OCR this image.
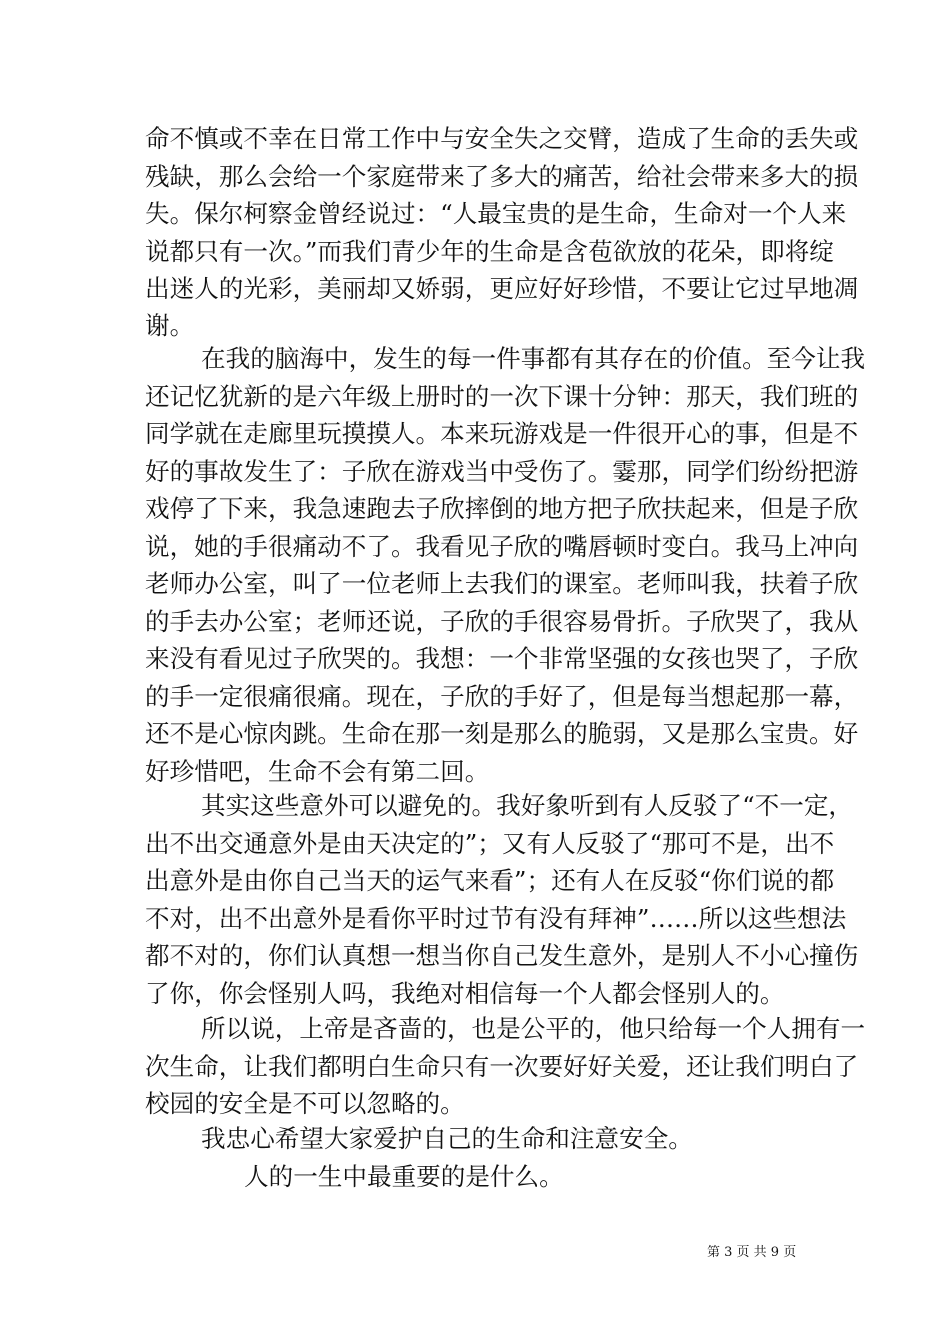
命不慎或不幸在日常工作中与安全失之交臂，造成了生命的丢失或
残缺，那么会给一个家庭带来了多大的痛苦，给社会带来多大的损
失。保尔柯察金曾经说过：“人最宝贵的是生命，生命对一个人来
说都只有一次。”而我们青少年的生命是含苞欲放的花朵，即将绽
出迷人的光彩，美丽却又娇弱，更应好好珍惜，不要让它过早地凋
谢。
在我的脑海中，发生的每一件事都有其存在的价值。至今让我
还记忆犹新的是六年级上册时的一次下课十分钟：那天，我们班的
同学就在走廊里玩摸摸人。本来玩游戏是一件很开心的事，但是不
好的事故发生了：子欣在游戏当中受伤了。霎那，同学们纷纷把游
戏停了下来，我急速跑去子欣摔倒的地方把子欣扶起来，但是子欣
说，她的手很痛动不了。我看见子欣的嘴唇顿时变白。我马上冲向
老师办公室，叫了一位老师上去我们的课室。老师叫我，扶着子欣
的手去办公室；老师还说，子欣的手很容易骨折。子欣哭了，我从
来没有看见过子欣哭的。我想：一个非常坚强的女孩也哭了，子欣
的手一定很痛很痛。现在，子欣的手好了，但是每当想起那一幕，
还不是心惊肉跳。生命在那一刻是那么的脆弱，又是那么宝贵。好
好珍惜吧，生命不会有第二回。
其实这些意外可以避免的。我好象听到有人反驳了“不一定，
出不出交通意外是由天决定的”；又有人反驳了“那可不是，出不
出意外是由你自己当天的运气来看”；还有人在反驳“你们说的都
不对，出不出意外是看你平时过节有没有拜神”……所以这些想法
都不对的，你们认真想一想当你自己发生意外，是别人不小心撞伤
了你，你会怪别人吗，我绝对相信每一个人都会怪别人的。
所以说，上帝是吝啬的，也是公平的，他只给每一个人拥有一
次生命，让我们都明白生命只有一次要好好关爱，还让我们明白了
校园的安全是不可以忽略的。
我忠心希望大家爱护自己的生命和注意安全。
人的一生中最重要的是什么。
第 3 页 共 9 页
